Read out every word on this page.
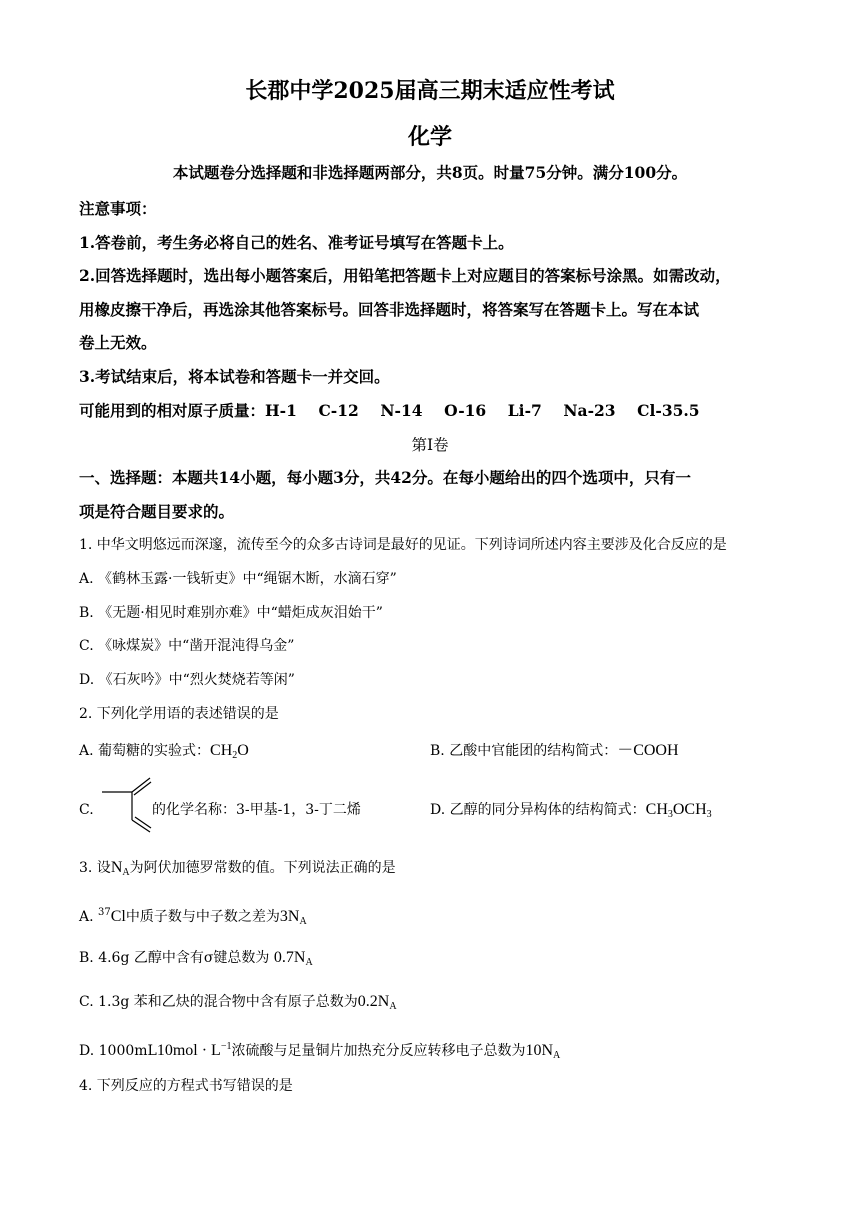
长郡中学2025届高三期末适应性考试
化学
本试题卷分选择题和非选择题两部分，共8页。时量75分钟。满分100分。
注意事项：
1.答卷前，考生务必将自己的姓名、准考证号填写在答题卡上。
2.回答选择题时，选出每小题答案后，用铅笔把答题卡上对应题目的答案标号涂黑。如需改动，
用橡皮擦干净后，再选涂其他答案标号。回答非选择题时，将答案写在答题卡上。写在本试
卷上无效。
3.考试结束后，将本试卷和答题卡一并交回。
可能用到的相对原子质量：H-1    C-12    N-14    O-16    Li-7    Na-23    Cl-35.5
第Ⅰ卷
一、选择题：本题共14小题，每小题3分，共42分。在每小题给出的四个选项中，只有一
项是符合题目要求的。
1. 中华文明悠远而深邃，流传至今的众多古诗词是最好的见证。下列诗词所述内容主要涉及化合反应的是
A. 《鹤林玉露·一钱斩吏》中“绳锯木断，水滴石穿”
B. 《无题·相见时难别亦难》中“蜡炬成灰泪始干”
C. 《咏煤炭》中“凿开混沌得乌金”
D. 《石灰吟》中“烈火焚烧若等闲”
2. 下列化学用语的表述错误的是
A. 葡萄糖的实验式：$CH_2O$	B. 乙酸中官能团的结构简式：－COOH
C.	的化学名称：3-甲基-1，3-丁二烯	D. 乙醇的同分异构体的结构简式：$CH_3OCH_3$
3. 设$N_A$为阿伏加德罗常数的值。下列说法正确的是
A. $^{37}$Cl中质子数与中子数之差为$3N_A$
B. 4.6g 乙醇中含有σ键总数为 $0.7N_A$
C. 1.3g 苯和乙炔的混合物中含有原子总数为$0.2N_A$
D. $1000mL10mol \cdot L^{-1}$浓硫酸与足量铜片加热充分反应转移电子总数为$10N_A$
4. 下列反应的方程式书写错误的是
